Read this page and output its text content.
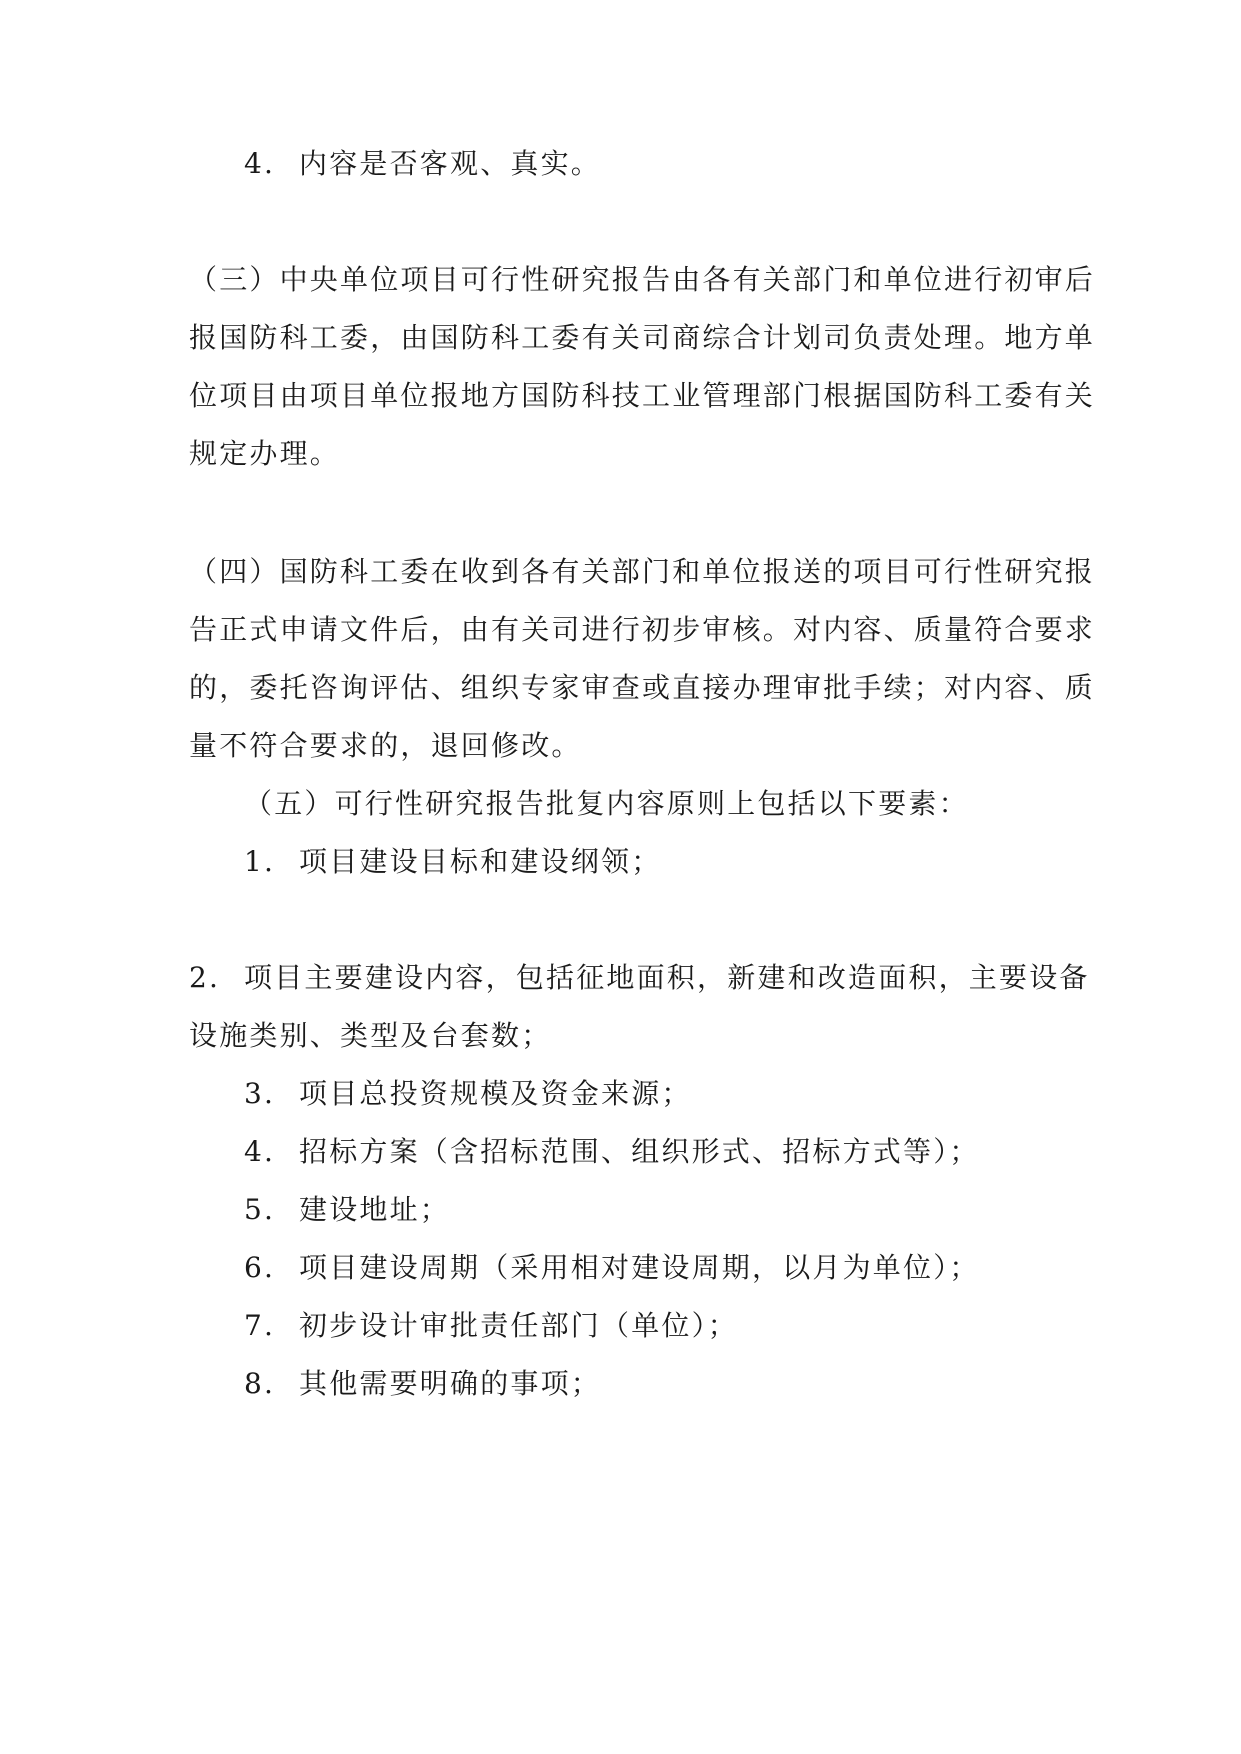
4. 内容是否客观、真实。
（三）中央单位项目可行性研究报告由各有关部门和单位进行初审后
报国防科工委，由国防科工委有关司商综合计划司负责处理。地方单
位项目由项目单位报地方国防科技工业管理部门根据国防科工委有关
规定办理。
（四）国防科工委在收到各有关部门和单位报送的项目可行性研究报
告正式申请文件后，由有关司进行初步审核。对内容、质量符合要求
的，委托咨询评估、组织专家审查或直接办理审批手续；对内容、质
量不符合要求的，退回修改。
（五）可行性研究报告批复内容原则上包括以下要素：
1. 项目建设目标和建设纲领；
2. 项目主要建设内容，包括征地面积，新建和改造面积，主要设备
设施类别、类型及台套数；
3. 项目总投资规模及资金来源；
4. 招标方案（含招标范围、组织形式、招标方式等）；
5. 建设地址；
6. 项目建设周期（采用相对建设周期，以月为单位）；
7. 初步设计审批责任部门（单位）；
8. 其他需要明确的事项；
